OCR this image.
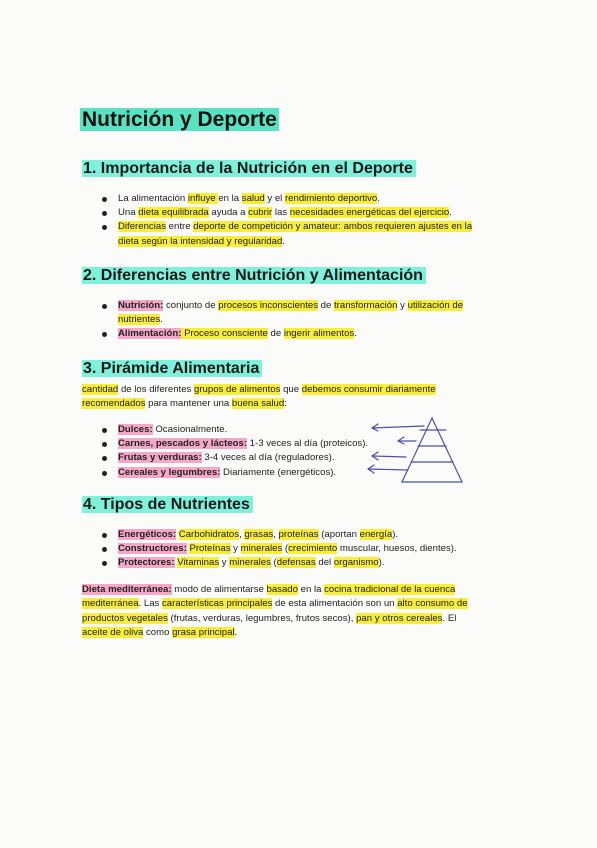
Nutrición y Deporte
1. Importancia de la Nutrición en el Deporte
La alimentación influye en la salud y el rendimiento deportivo.
Una dieta equilibrada ayuda a cubrir las necesidades energéticas del ejercicio.
Diferencias entre deporte de competición y amateur: ambos requieren ajustes en la
dieta según la intensidad y regularidad.
2. Diferencias entre Nutrición y Alimentación
Nutrición: conjunto de procesos inconscientes de transformación y utilización de
nutrientes.
Alimentación: Proceso consciente de ingerir alimentos.
3. Pirámide Alimentaria

cantidad de los diferentes grupos de alimentos que debemos consumir diariamente
recomendados para mantener una buena salud:

Dulces: Ocasionalmente.
Carnes, pescados y lácteos: 1-3 veces al día (proteicos).
Frutas y verduras: 3-4 veces al día (reguladores).
Cereales y legumbres: Diariamente (energéticos).
4. Tipos de Nutrientes
Energéticos: Carbohidratos, grasas, proteínas (aportan energía).
Constructores: Proteínas y minerales (crecimiento muscular, huesos, dientes).
Protectores: Vitaminas y minerales (defensas del organismo).

Dieta mediterránea: modo de alimentarse basado en la cocina tradicional de la cuenca
mediterránea. Las características principales de esta alimentación son un alto consumo de
productos vegetales (frutas, verduras, legumbres, frutos secos), pan y otros cereales. El
aceite de oliva como grasa principal.
